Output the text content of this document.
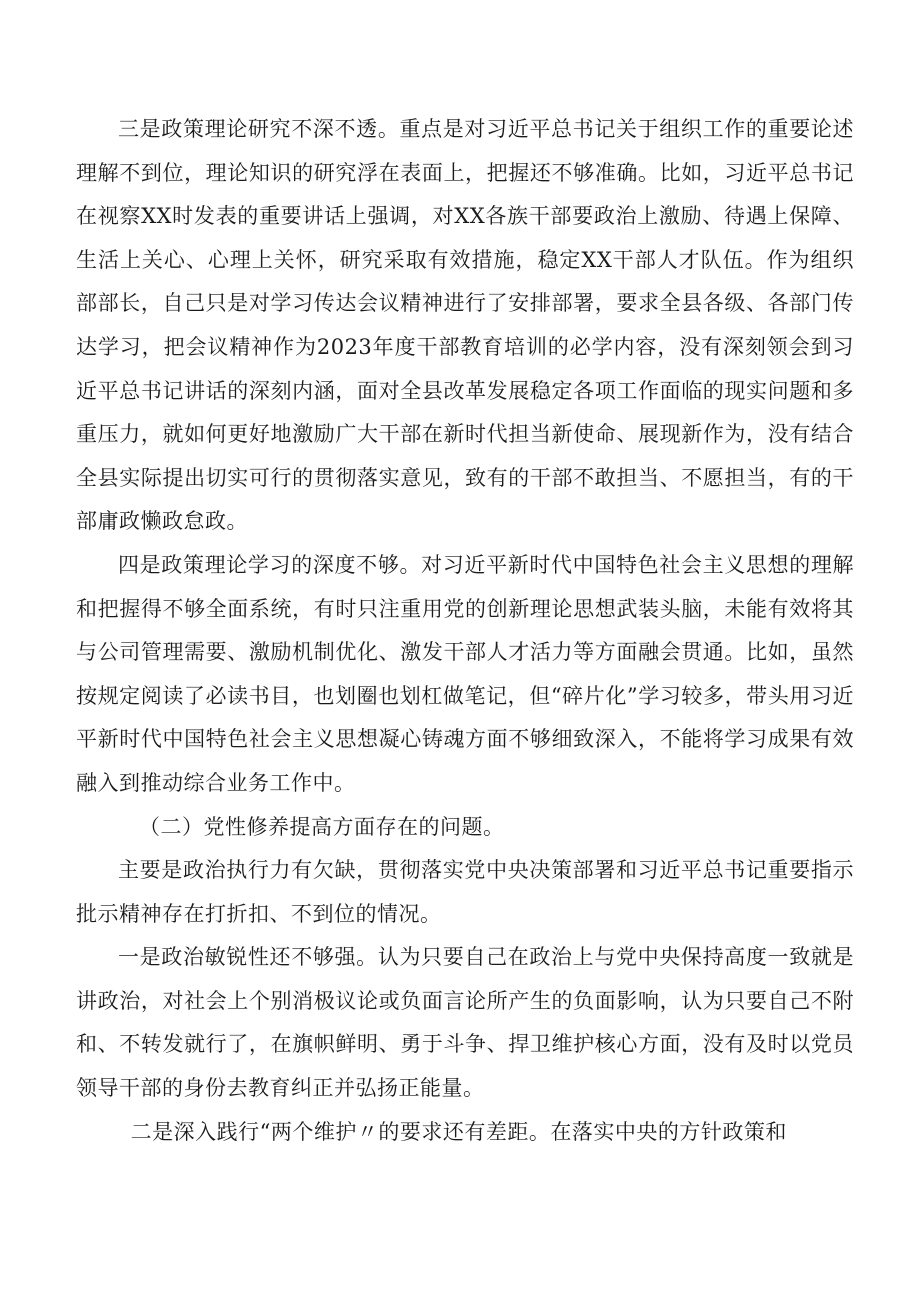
三是政策理论研究不深不透。重点是对习近平总书记关于组织工作的重要论述理解不到位，理论知识的研究浮在表面上，把握还不够准确。比如，习近平总书记在视察XX时发表的重要讲话上强调，对XX各族干部要政治上激励、待遇上保障、生活上关心、心理上关怀，研究采取有效措施，稳定XX干部人才队伍。作为组织部部长，自己只是对学习传达会议精神进行了安排部署，要求全县各级、各部门传达学习，把会议精神作为2023年度干部教育培训的必学内容，没有深刻领会到习近平总书记讲话的深刻内涵，面对全县改革发展稳定各项工作面临的现实问题和多重压力，就如何更好地激励广大干部在新时代担当新使命、展现新作为，没有结合全县实际提出切实可行的贯彻落实意见，致有的干部不敢担当、不愿担当，有的干部庸政懒政怠政。

四是政策理论学习的深度不够。对习近平新时代中国特色社会主义思想的理解和把握得不够全面系统，有时只注重用党的创新理论思想武装头脑，未能有效将其与公司管理需要、激励机制优化、激发干部人才活力等方面融会贯通。比如，虽然按规定阅读了必读书目，也划圈也划杠做笔记，但“碎片化”学习较多，带头用习近平新时代中国特色社会主义思想凝心铸魂方面不够细致深入，不能将学习成果有效融入到推动综合业务工作中。

（二）党性修养提高方面存在的问题。

主要是政治执行力有欠缺，贯彻落实党中央决策部署和习近平总书记重要指示批示精神存在打折扣、不到位的情况。

一是政治敏锐性还不够强。认为只要自己在政治上与党中央保持高度一致就是讲政治，对社会上个别消极议论或负面言论所产生的负面影响，认为只要自己不附和、不转发就行了，在旗帜鲜明、勇于斗争、捍卫维护核心方面，没有及时以党员领导干部的身份去教育纠正并弘扬正能量。

二是深入践行“两个维护〃的要求还有差距。在落实中央的方针政策和
